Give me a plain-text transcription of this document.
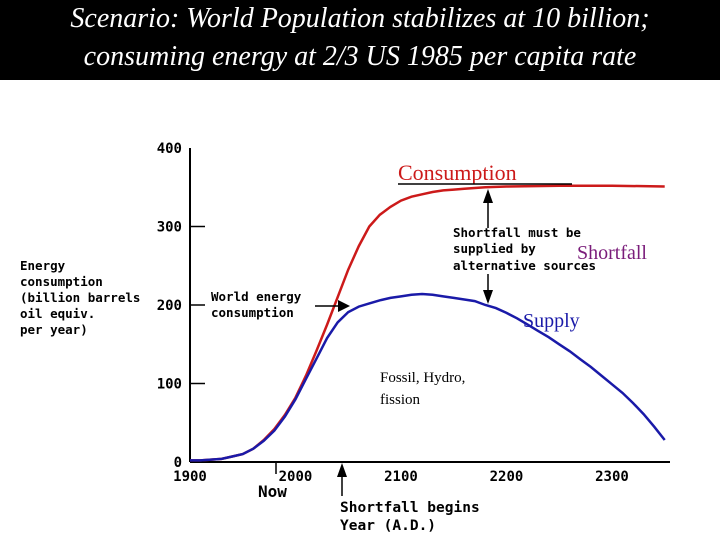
400
300
200
100
0
1900	2000	2100	2200	2300
Energy
consumption
(billion barrels
oil equiv.
per year)
Consumption
Shortfall must be
supplied by
alternative sources
Shortfall
Supply
World energy
consumption
Fossil, Hydro,
fission
Now
Shortfall begins
Year (A.D.)
Scenario: World Population stabilizes at 10 billion;
consuming energy at 2/3 US 1985 per capita rate
